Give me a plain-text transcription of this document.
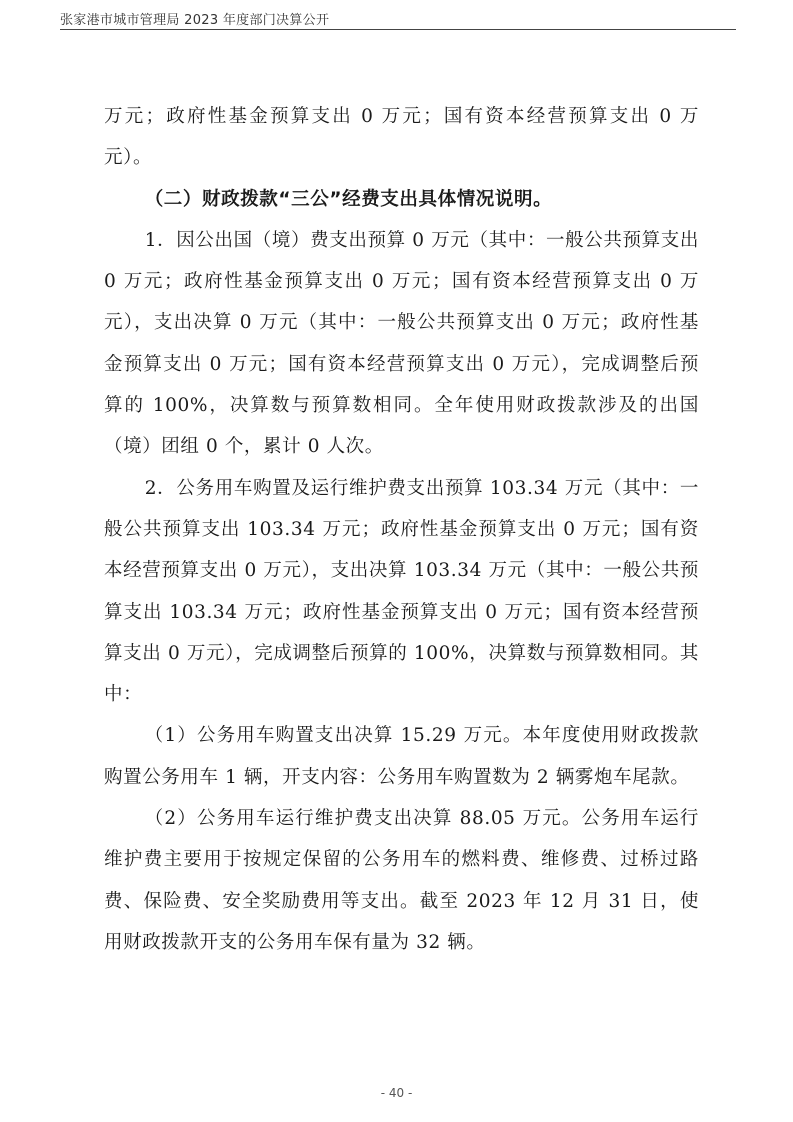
张家港市城市管理局 2023 年度部门决算公开

万元；政府性基金预算支出 0 万元；国有资本经营预算支出 0 万元）。

（二）财政拨款“三公”经费支出具体情况说明。

1．因公出国（境）费支出预算 0 万元（其中：一般公共预算支出 0 万元；政府性基金预算支出 0 万元；国有资本经营预算支出 0 万元），支出决算 0 万元（其中：一般公共预算支出 0 万元；政府性基金预算支出 0 万元；国有资本经营预算支出 0 万元），完成调整后预算的 100%，决算数与预算数相同。全年使用财政拨款涉及的出国（境）团组 0 个，累计 0 人次。

2．公务用车购置及运行维护费支出预算 103.34 万元（其中：一般公共预算支出 103.34 万元；政府性基金预算支出 0 万元；国有资本经营预算支出 0 万元），支出决算 103.34 万元（其中：一般公共预算支出 103.34 万元；政府性基金预算支出 0 万元；国有资本经营预算支出 0 万元），完成调整后预算的 100%，决算数与预算数相同。其中：

（1）公务用车购置支出决算 15.29 万元。本年度使用财政拨款购置公务用车 1 辆，开支内容：公务用车购置数为 2 辆雾炮车尾款。

（2）公务用车运行维护费支出决算 88.05 万元。公务用车运行维护费主要用于按规定保留的公务用车的燃料费、维修费、过桥过路费、保险费、安全奖励费用等支出。截至 2023 年 12 月 31 日，使用财政拨款开支的公务用车保有量为 32 辆。

- 40 -
